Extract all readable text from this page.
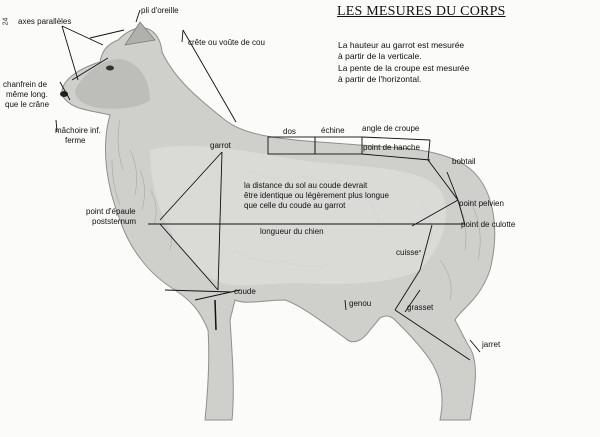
24
LES MESURES DU CORPS
La hauteur au garrot est mesurée
à partir de la verticale.
La pente de la croupe est mesurée
à partir de l'horizontal.
pli d'oreille
axes parallèles
crête ou voûte de cou
chanfrein de
même long.
que le crâne
mâchoire inf.
ferme
dos	échine angle de croupe
garrot	point de hanche
bobtail
la distance du sol au coude devrait
être identique ou légèrement plus longue
que celle du coude au garrot
point d'épaule
poststernum
point pelvien
longueur du chien
point de culotte
cuisse
coude
genou	grasset
jarret
